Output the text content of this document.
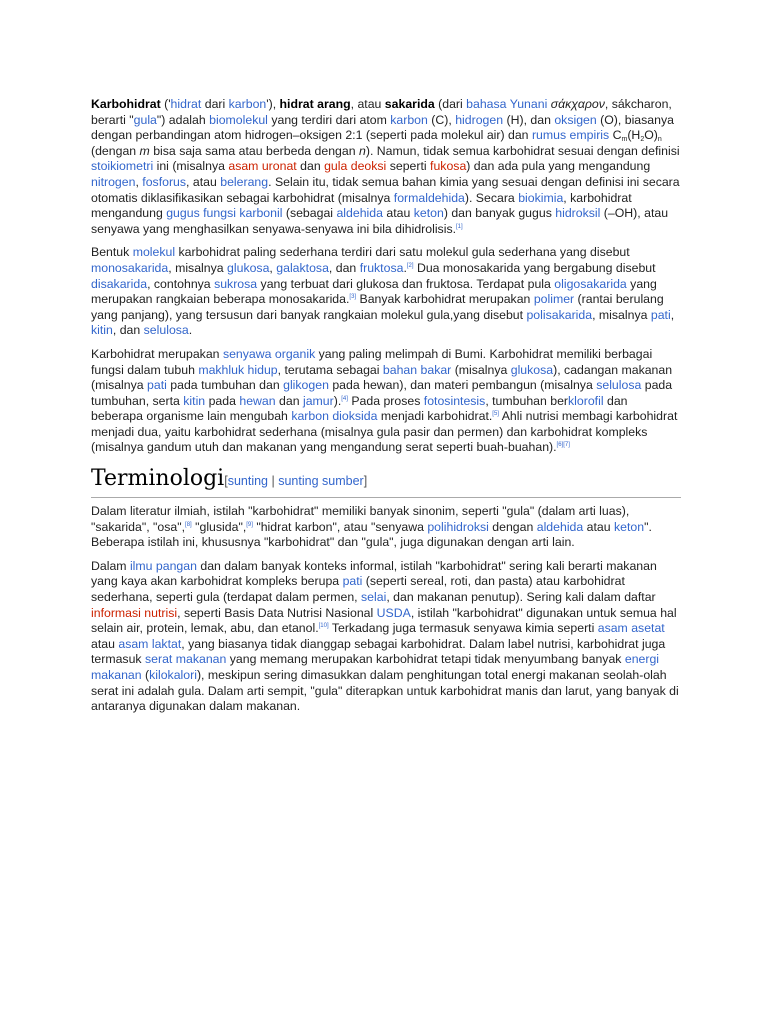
Karbohidrat ('hidrat dari karbon'), hidrat arang, atau sakarida (dari bahasa Yunani σάκχαρον, sákcharon, berarti "gula") adalah biomolekul yang terdiri dari atom karbon (C), hidrogen (H), dan oksigen (O), biasanya dengan perbandingan atom hidrogen–oksigen 2:1 (seperti pada molekul air) dan rumus empiris $C_m(H_2O)_n$ (dengan m bisa saja sama atau berbeda dengan n). Namun, tidak semua karbohidrat sesuai dengan definisi stoikiometri ini (misalnya asam uronat dan gula deoksi seperti fukosa) dan ada pula yang mengandung nitrogen, fosforus, atau belerang. Selain itu, tidak semua bahan kimia yang sesuai dengan definisi ini secara otomatis diklasifikasikan sebagai karbohidrat (misalnya formaldehida). Secara biokimia, karbohidrat mengandung gugus fungsi karbonil (sebagai aldehida atau keton) dan banyak gugus hidroksil (–OH), atau senyawa yang menghasilkan senyawa-senyawa ini bila dihidrolisis.[1]

Bentuk molekul karbohidrat paling sederhana terdiri dari satu molekul gula sederhana yang disebut monosakarida, misalnya glukosa, galaktosa, dan fruktosa.[2] Dua monosakarida yang bergabung disebut disakarida, contohnya sukrosa yang terbuat dari glukosa dan fruktosa. Terdapat pula oligosakarida yang merupakan rangkaian beberapa monosakarida.[3] Banyak karbohidrat merupakan polimer (rantai berulang yang panjang), yang tersusun dari banyak rangkaian molekul gula,yang disebut polisakarida, misalnya pati, kitin, dan selulosa.

Karbohidrat merupakan senyawa organik yang paling melimpah di Bumi. Karbohidrat memiliki berbagai fungsi dalam tubuh makhluk hidup, terutama sebagai bahan bakar (misalnya glukosa), cadangan makanan (misalnya pati pada tumbuhan dan glikogen pada hewan), dan materi pembangun (misalnya selulosa pada tumbuhan, serta kitin pada hewan dan jamur).[4] Pada proses fotosintesis, tumbuhan berklorofil dan beberapa organisme lain mengubah karbon dioksida menjadi karbohidrat.[5] Ahli nutrisi membagi karbohidrat menjadi dua, yaitu karbohidrat sederhana (misalnya gula pasir dan permen) dan karbohidrat kompleks (misalnya gandum utuh dan makanan yang mengandung serat seperti buah-buahan).[6][7]

Terminologi[sunting | sunting sumber]

Dalam literatur ilmiah, istilah "karbohidrat" memiliki banyak sinonim, seperti "gula" (dalam arti luas), "sakarida", "osa",[8] "glusida",[9] "hidrat karbon", atau "senyawa polihidroksi dengan aldehida atau keton". Beberapa istilah ini, khususnya "karbohidrat" dan "gula", juga digunakan dengan arti lain.

Dalam ilmu pangan dan dalam banyak konteks informal, istilah "karbohidrat" sering kali berarti makanan yang kaya akan karbohidrat kompleks berupa pati (seperti sereal, roti, dan pasta) atau karbohidrat sederhana, seperti gula (terdapat dalam permen, selai, dan makanan penutup). Sering kali dalam daftar informasi nutrisi, seperti Basis Data Nutrisi Nasional USDA, istilah "karbohidrat" digunakan untuk semua hal selain air, protein, lemak, abu, dan etanol.[10] Terkadang juga termasuk senyawa kimia seperti asam asetat atau asam laktat, yang biasanya tidak dianggap sebagai karbohidrat. Dalam label nutrisi, karbohidrat juga termasuk serat makanan yang memang merupakan karbohidrat tetapi tidak menyumbang banyak energi makanan (kilokalori), meskipun sering dimasukkan dalam penghitungan total energi makanan seolah-olah serat ini adalah gula. Dalam arti sempit, "gula" diterapkan untuk karbohidrat manis dan larut, yang banyak di antaranya digunakan dalam makanan.
